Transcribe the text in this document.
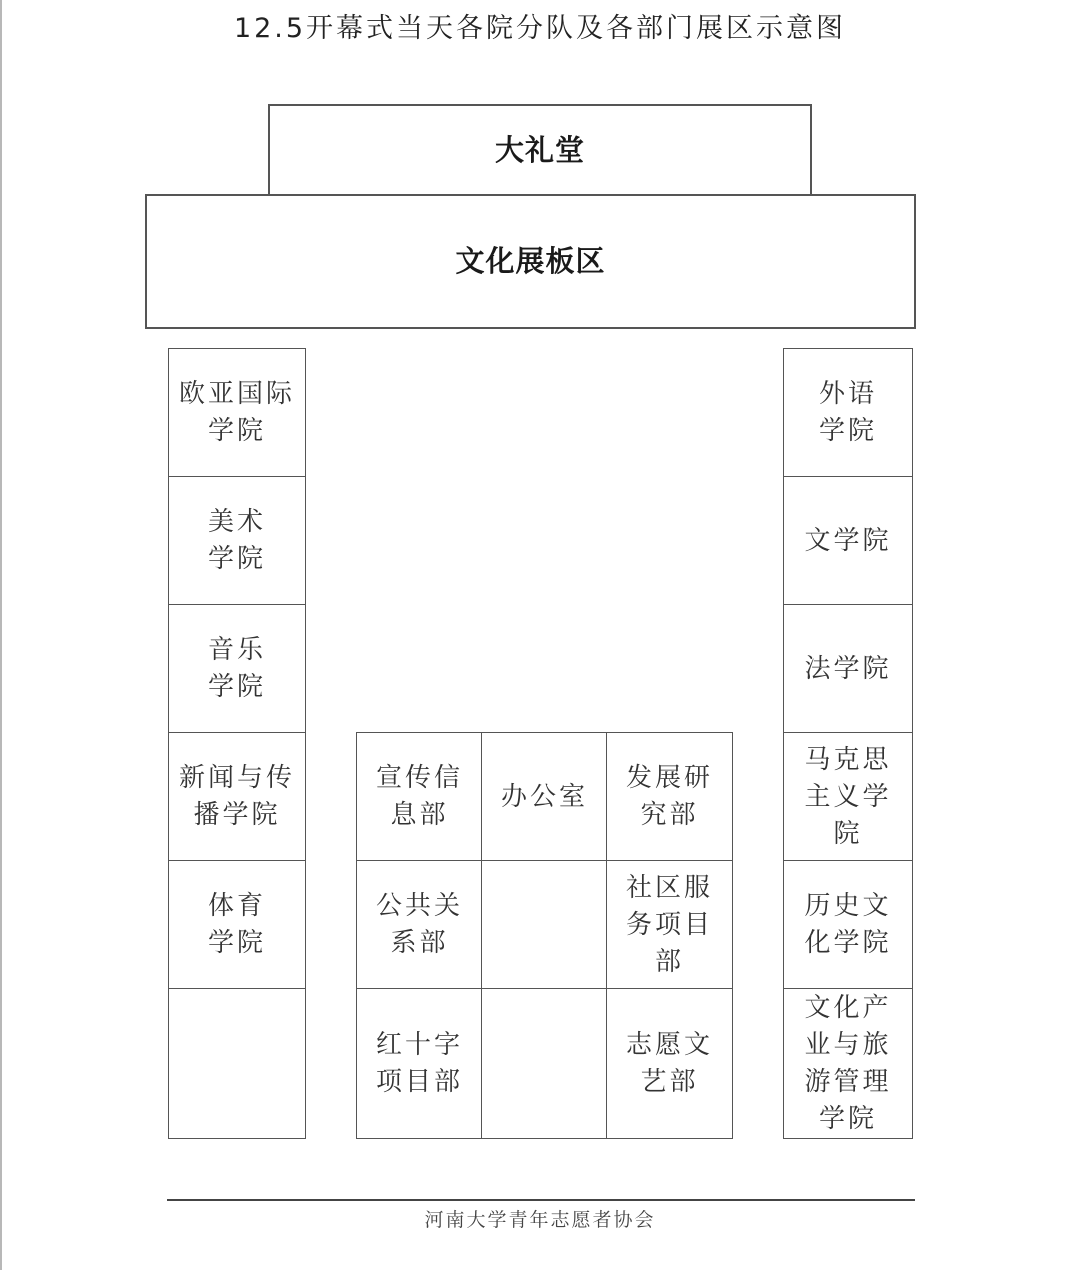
12.5开幕式当天各院分队及各部门展区示意图
大礼堂
文化展板区
欧亚国际
学院
美术
学院
音乐
学院
新闻与传
播学院
体育
学院
外语
学院
文学院
法学院
马克思
主义学
院
历史文
化学院
文化产
业与旅
游管理
学院
宣传信
息部
办公室
发展研
究部
公共关
系部
社区服
务项目
部
红十字
项目部
志愿文
艺部
河南大学青年志愿者协会
